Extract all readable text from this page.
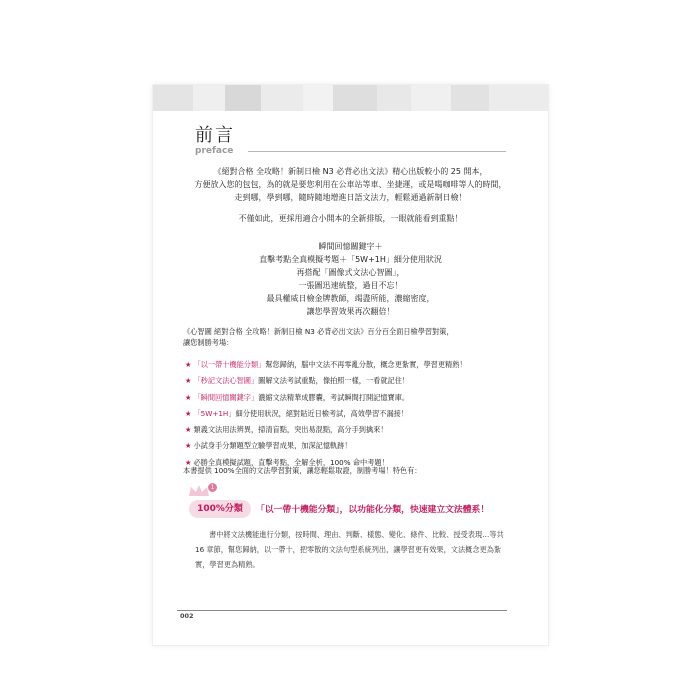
前言
preface
《絕對合格 全攻略！新制日檢 N3 必背必出文法》精心出版較小的 25 開本，
方便放入您的包包，為的就是要您利用在公車站等車、坐捷運，或是喝咖啡等人的時間，
走到哪，學到哪，隨時隨地增進日語文法力，輕鬆通過新制日檢！
不僅如此，更採用適合小開本的全新排版，一眼就能看到重點！
瞬間回憶關鍵字＋
直擊考點全真模擬考題＋「5W+1H」細分使用狀況
再搭配「圖像式文法心智圖」，
一張圖迅速統整，過目不忘！
最具權威日檢金牌教師，竭盡所能，濃縮密度，
讓您學習效果再次翻倍！
《心智圖 絕對合格 全攻略！新制日檢 N3 必背必出文法》百分百全面日檢學習對策，
讓您制勝考場：
★ 「以一帶十機能分類」幫您歸納，腦中文法不再零亂分散，概念更紮實，學習更精熟！
★ 「秒記文法心智圖」圖解文法考試重點，像拍照一樣，一看就記住！
★ 「瞬間回憶關鍵字」濃縮文法精華成膠囊，考試瞬間打開記憶寶庫。
★ 「5W+1H」細分使用狀況，絕對貼近日檢考試，高效學習不漏接！
★ 類義文法用法辨異，掃清盲點，突出易混點，高分手到擒來！
★ 小試身手分類題型立驗學習成果，加深記憶軌跡！
★ 必勝全真模擬試題，直擊考點，全解全析，100% 命中考題！
本書提供 100%全面的文法學習對策，讓您輕鬆取證，制勝考場！特色有：
1
100%分類	「以一帶十機能分類」，以功能化分類，快速建立文法體系！
書中將文法機能進行分類，按時間、理由、判斷、樣態、變化、條件、比較、授受表現…等共 16 章節，幫您歸納，以一帶十，把零散的文法句型系統列出，讓學習更有效果，文法概念更為紮實，學習更為精熟。
002
